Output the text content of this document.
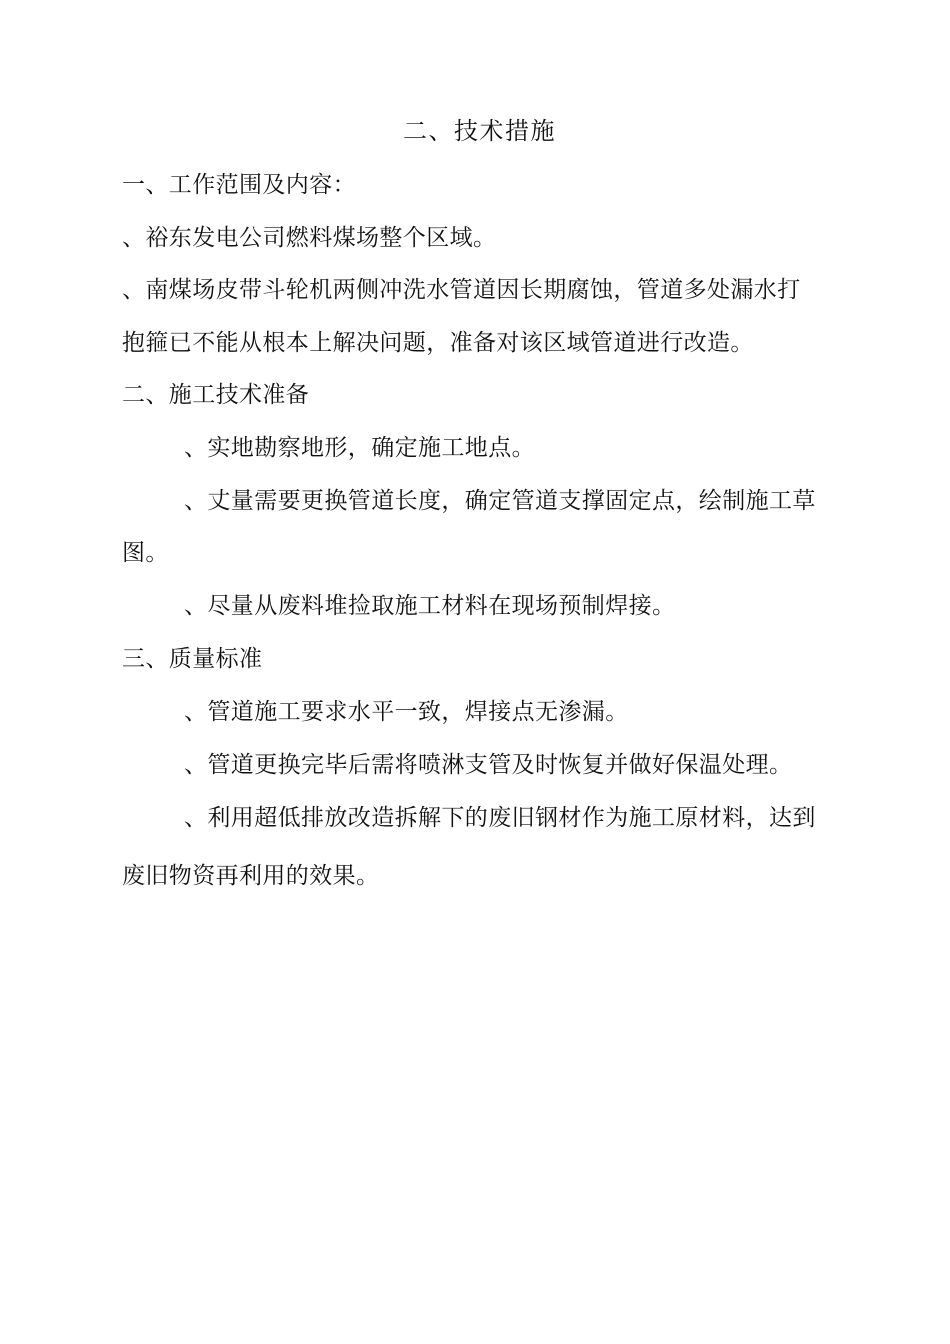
二、技术措施
一、工作范围及内容：
、裕东发电公司燃料煤场整个区域。
、南煤场皮带斗轮机两侧冲洗水管道因长期腐蚀，管道多处漏水打
抱箍已不能从根本上解决问题，准备对该区域管道进行改造。
二、施工技术准备
、实地勘察地形，确定施工地点。
、丈量需要更换管道长度，确定管道支撑固定点，绘制施工草
图。
、尽量从废料堆捡取施工材料在现场预制焊接。
三、质量标准
、管道施工要求水平一致，焊接点无渗漏。
、管道更换完毕后需将喷淋支管及时恢复并做好保温处理。
、利用超低排放改造拆解下的废旧钢材作为施工原材料，达到
废旧物资再利用的效果。
